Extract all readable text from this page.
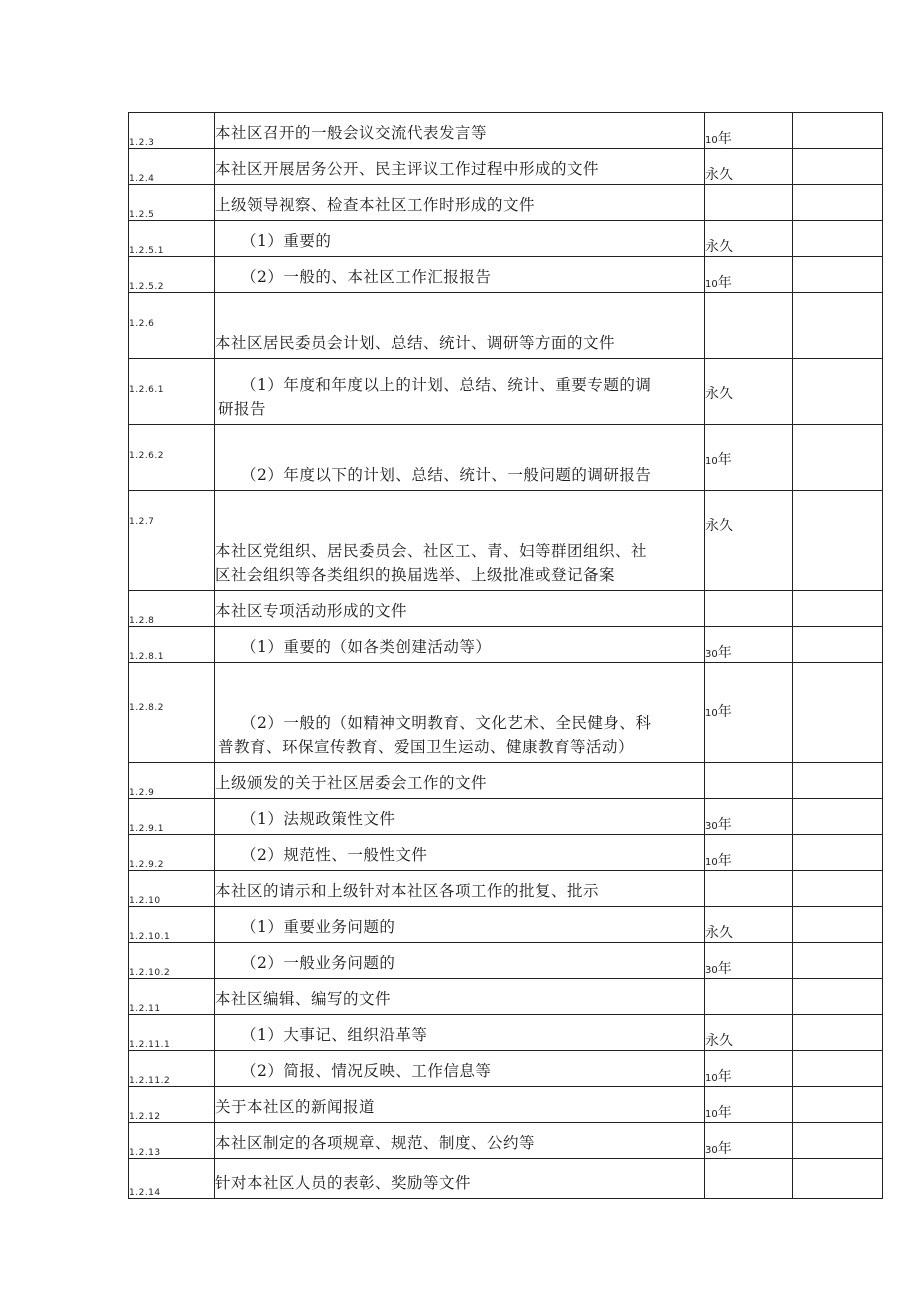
1.2.3	本社区召开的一般会议交流代表发言等	10年	
1.2.4	本社区开展居务公开、民主评议工作过程中形成的文件	永久	
1.2.5	上级领导视察、检查本社区工作时形成的文件		

1.2.5.1	（1）重要的	永久	
1.2.5.2	（2）一般的、本社区工作汇报报告	10年	
1.2.6	本社区居民委员会计划、总结、统计、调研等方面的文件		

1.2.6.1	（1）年度和年度以上的计划、总结、统计、重要专题的调
研报告	永久	
1.2.6.2	（2）年度以下的计划、总结、统计、一般问题的调研报告	10年	
1.2.7	本社区党组织、居民委员会、社区工、青、妇等群团组织、社
区社会组织等各类组织的换届选举、上级批准或登记备案	永久	
1.2.8	本社区专项活动形成的文件		

1.2.8.1	（1）重要的（如各类创建活动等）	30年	
1.2.8.2	（2）一般的（如精神文明教育、文化艺术、全民健身、科
普教育、环保宣传教育、爱国卫生运动、健康教育等活动）	10年	
1.2.9	上级颁发的关于社区居委会工作的文件		

1.2.9.1	（1）法规政策性文件	30年	
1.2.9.2	（2）规范性、一般性文件	10年	
1.2.10	本社区的请示和上级针对本社区各项工作的批复、批示		

1.2.10.1	（1）重要业务问题的	永久	
1.2.10.2	（2）一般业务问题的	30年	
1.2.11	本社区编辑、编写的文件		

1.2.11.1	（1）大事记、组织沿革等	永久	
1.2.11.2	（2）简报、情况反映、工作信息等	10年	
1.2.12	关于本社区的新闻报道	10年	
1.2.13	本社区制定的各项规章、规范、制度、公约等	30年	
1.2.14	针对本社区人员的表彰、奖励等文件		
